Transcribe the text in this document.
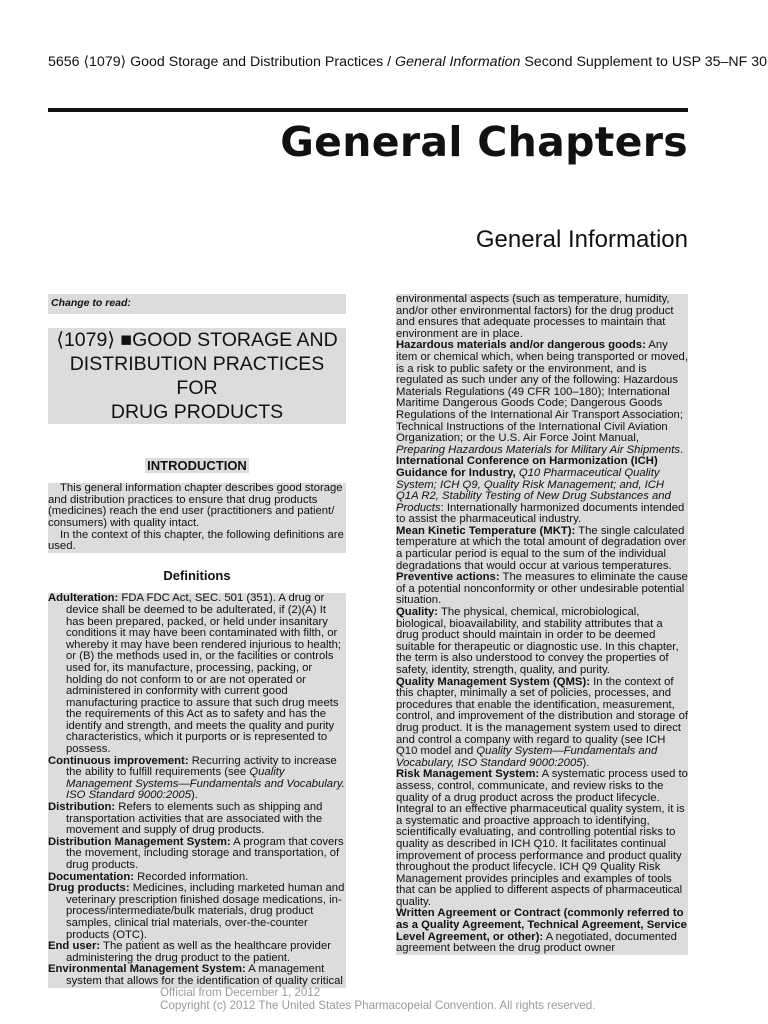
5656 ⟨1079⟩ Good Storage and Distribution Practices / General Information Second Supplement to USP 35–NF 30
General Chapters
General Information
Change to read:
⟨1079⟩ ■GOOD STORAGE AND
DISTRIBUTION PRACTICES FOR
DRUG PRODUCTS
INTRODUCTION

This general information chapter describes good storage and distribution practices to ensure that drug products (medicines) reach the end user (practitioners and patient/ consumers) with quality intact.

In the context of this chapter, the following definitions are used.

Definitions

Adulteration: FDA FDC Act, SEC. 501 (351). A drug or device shall be deemed to be adulterated, if (2)(A) It has been prepared, packed, or held under insanitary conditions it may have been contaminated with filth, or whereby it may have been rendered injurious to health; or (B) the methods used in, or the facilities or controls used for, its manufacture, processing, packing, or holding do not conform to or are not operated or administered in conformity with current good manufacturing practice to assure that such drug meets the requirements of this Act as to safety and has the identify and strength, and meets the quality and purity characteristics, which it purports or is represented to possess.

Continuous improvement: Recurring activity to increase the ability to fulfill requirements (see Quality Management Systems—Fundamentals and Vocabulary. ISO Standard 9000:2005).

Distribution: Refers to elements such as shipping and transportation activities that are associated with the movement and supply of drug products.

Distribution Management System: A program that covers the movement, including storage and transportation, of drug products.

Documentation: Recorded information.

Drug products: Medicines, including marketed human and veterinary prescription finished dosage medications, in-process/intermediate/bulk materials, drug product samples, clinical trial materials, over-the-counter products (OTC).

End user: The patient as well as the healthcare provider administering the drug product to the patient.

Environmental Management System: A management system that allows for the identification of quality critical

environmental aspects (such as temperature, humidity, and/or other environmental factors) for the drug product and ensures that adequate processes to maintain that environment are in place.

Hazardous materials and/or dangerous goods: Any item or chemical which, when being transported or moved, is a risk to public safety or the environment, and is regulated as such under any of the following: Hazardous Materials Regulations (49 CFR 100–180); International Maritime Dangerous Goods Code; Dangerous Goods Regulations of the International Air Transport Association; Technical Instructions of the International Civil Aviation Organization; or the U.S. Air Force Joint Manual, Preparing Hazardous Materials for Military Air Shipments.

International Conference on Harmonization (ICH) Guidance for Industry, Q10 Pharmaceutical Quality System; ICH Q9, Quality Risk Management; and, ICH Q1A R2, Stability Testing of New Drug Substances and Products: Internationally harmonized documents intended to assist the pharmaceutical industry.

Mean Kinetic Temperature (MKT): The single calculated temperature at which the total amount of degradation over a particular period is equal to the sum of the individual degradations that would occur at various temperatures.

Preventive actions: The measures to eliminate the cause of a potential nonconformity or other undesirable potential situation.

Quality: The physical, chemical, microbiological, biological, bioavailability, and stability attributes that a drug product should maintain in order to be deemed suitable for therapeutic or diagnostic use. In this chapter, the term is also understood to convey the properties of safety, identity, strength, quality, and purity.

Quality Management System (QMS): In the context of this chapter, minimally a set of policies, processes, and procedures that enable the identification, measurement, control, and improvement of the distribution and storage of drug product. It is the management system used to direct and control a company with regard to quality (see ICH Q10 model and Quality System—Fundamentals and Vocabulary, ISO Standard 9000:2005).

Risk Management System: A systematic process used to assess, control, communicate, and review risks to the quality of a drug product across the product lifecycle. Integral to an effective pharmaceutical quality system, it is a systematic and proactive approach to identifying, scientifically evaluating, and controlling potential risks to quality as described in ICH Q10. It facilitates continual improvement of process performance and product quality throughout the product lifecycle. ICH Q9 Quality Risk Management provides principles and examples of tools that can be applied to different aspects of pharmaceutical quality.

Written Agreement or Contract (commonly referred to as a Quality Agreement, Technical Agreement, Service Level Agreement, or other): A negotiated, documented agreement between the drug product owner

Official from December 1, 2012
Copyright (c) 2012 The United States Pharmacopeial Convention. All rights reserved.
